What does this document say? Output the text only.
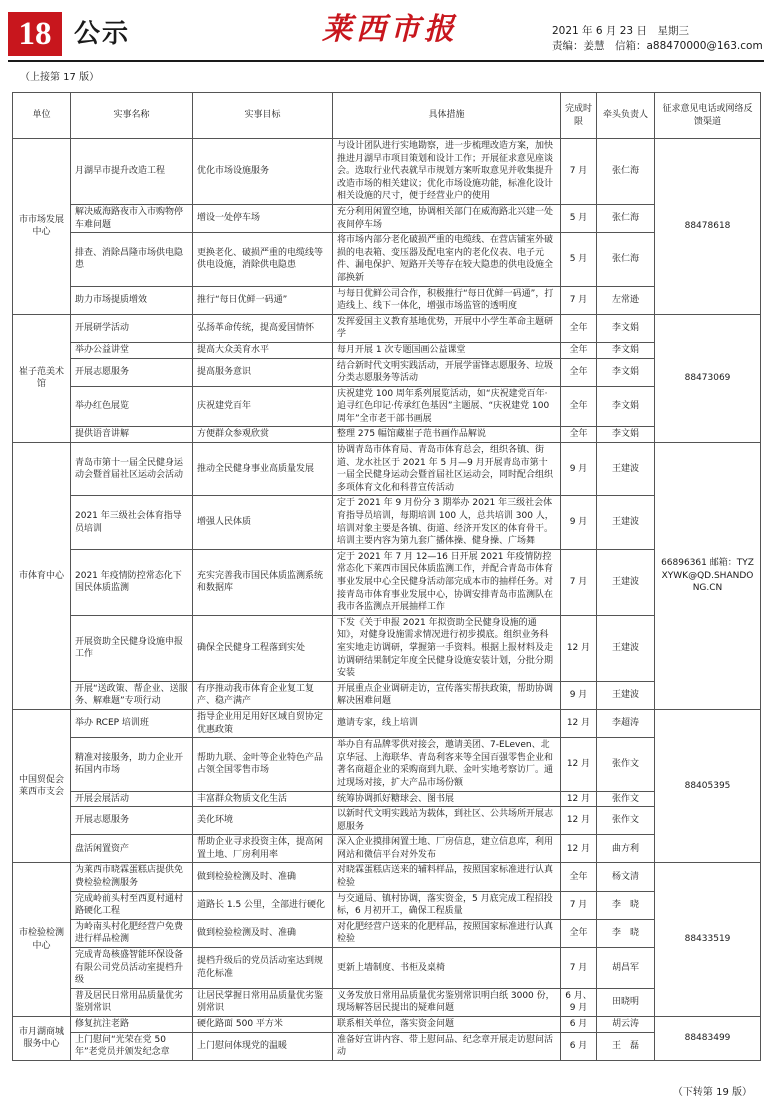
18 公示	莱西市报	2021 年 6 月 23 日　星期三
责编：姜慧　信箱：a88470000@163.com
（上接第 17 版）
单位	实事名称	实事目标	具体措施	完成时限	牵头负责人	征求意见电话或网络反馈渠道
市市场发展中心	月湖早市提升改造工程	优化市场设施服务	与设计团队进行实地勘察，进一步梳理改造方案，加快推进月湖早市项目策划和设计工作；开展征求意见座谈会。选取行业代表就早市规划方案听取意见并收集提升改造市场的相关建议；优化市场设施功能，标准化设计相关设施的尺寸，便于经营业户的使用	7 月	张仁海	88478618
	解决威海路夜市入市购物停车难问题	增设一处停车场	充分利用闲置空地，协调相关部门在威海路北兴建一处夜间停车场	5 月	张仁海	
	排查、消除昌隆市场供电隐患	更换老化、破损严重的电缆线等供电设施，消除供电隐患	将市场内部分老化破损严重的电缆线、在营店铺室外破损的电表箱、变压器及配电室内的老化仪表、电子元件、漏电保护、短路开关等存在较大隐患的供电设施全部换新	5 月	张仁海	
	助力市场提质增效	推行“每日优鲜一码通”	与每日优鲜公司合作，积极推行“每日优鲜一码通”，打造线上、线下一体化，增强市场监管的透明度	7 月	左常逊	
崔子范美术馆	开展研学活动	弘扬革命传统，提高爱国情怀	发挥爱国主义教育基地优势，开展中小学生革命主题研学	全年	李文娟	88473069
	举办公益讲堂	提高大众美育水平	每月开展 1 次专题国画公益课堂	全年	李文娟	
	开展志愿服务	提高服务意识	结合新时代文明实践活动，开展学雷锋志愿服务、垃圾分类志愿服务等活动	全年	李文娟	
	举办红色展览	庆祝建党百年	庆祝建党 100 周年系列展览活动，如“庆祝建党百年·追寻红色印记·传承红色基因”主题展、“庆祝建党 100 周年”全市老干部书画展	全年	李文娟	
	提供语音讲解	方便群众参观欣赏	整理 275 幅馆藏崔子范书画作品解说	全年	李文娟	
市体育中心	青岛市第十一届全民健身运动会暨首届社区运动会活动	推动全民健身事业高质量发展	协调青岛市体育局、青岛市体育总会，组织各镇、街道、龙水社区于 2021 年 5 月—9 月开展青岛市第十一届全民健身运动会暨首届社区运动会，同时配合组织多项体育文化和科普宣传活动	9 月	王建波	66896361 邮箱：TYZXYWK@QD.SHANDONG.CN
	2021 年三级社会体育指导员培训	增强人民体质	定于 2021 年 9 月份分 3 期举办 2021 年三级社会体育指导员培训，每期培训 100 人，总共培训 300 人，培训对象主要是各镇、街道、经济开发区的体育骨干。培训主要内容为第九套广播体操、健身操、广场舞	9 月	王建波	
	2021 年疫情防控常态化下国民体质监测	充实完善我市国民体质监测系统和数据库	定于 2021 年 7 月 12—16 日开展 2021 年疫情防控常态化下莱西市国民体质监测工作，并配合青岛市体育事业发展中心全民健身活动部完成本市的抽样任务。对接青岛市体育事业发展中心，协调安排青岛市监测队在我市各监测点开展抽样工作	7 月	王建波	
	开展资助全民健身设施申报工作	确保全民健身工程落到实处	下发《关于申报 2021 年拟资助全民健身设施的通知》，对健身设施需求情况进行初步摸底。组织业务科室实地走访调研，掌握第一手资料。根据上报材料及走访调研结果制定年度全民健身设施安装计划，分批分期安装	12 月	王建波	
	开展“送政策、帮企业、送服务、解难题”专项行动	有序推动我市体育企业复工复产、稳产满产	开展重点企业调研走访，宣传落实帮扶政策，帮助协调解决困难问题	9 月	王建波	
中国贸促会莱西市支会	举办 RCEP 培训班	指导企业用足用好区域自贸协定优惠政策	邀请专家，线上培训	12 月	李超涛	88405395
	精准对接服务，助力企业开拓国内市场	帮助九联、金叶等企业特色产品占领全国零售市场	举办自有品牌零供对接会，邀请美团、7-ELeven、北京华冠、上海联华、青岛利客来等全国百强零售企业和著名商超企业的采购商到九联、金叶实地考察访厂。通过现场对接，扩大产品市场份额	12 月	张作文	
	开展会展活动	丰富群众物质文化生活	统筹协调抓好糖球会、图书展	12 月	张作文	
	开展志愿服务	美化环境	以新时代文明实践站为载体，到社区、公共场所开展志愿服务	12 月	张作文	
	盘活闲置资产	帮助企业寻求投资主体，提高闲置土地、厂房利用率	深入企业摸排闲置土地、厂房信息，建立信息库，利用网站和微信平台对外发布	12 月	曲方利	
市检验检测中心	为莱西市晓霖蛋糕店提供免费检验检测服务	做到检验检测及时、准确	对晓霖蛋糕店送来的辅料样品，按照国家标准进行认真检验	全年	杨文清	88433519
	完成岭前头村至西夏村通村路硬化工程	道路长 1.5 公里，全部进行硬化	与交通局、镇村协调，落实资金，5 月底完成工程招投标，6 月初开工，确保工程质量	7 月	李　晓	
	为岭南头村化肥经营户免费进行样品检测	做到检验检测及时、准确	对化肥经营户送来的化肥样品，按照国家标准进行认真检验	全年	李　晓	
	完成青岛核盛智能环保设备有限公司党员活动室提档升级	提档升级后的党员活动室达到规范化标准	更新上墙制度、书柜及桌椅	7 月	胡昌军	
	普及居民日常用品质量优劣鉴别常识	让居民掌握日常用品质量优劣鉴别常识	义务发放日常用品质量优劣鉴别常识明白纸 3000 份，现场解答居民提出的疑难问题	6 月、9 月	田晓明	
市月湖商城服务中心	修复抗注老路	硬化路面 500 平方米	联系相关单位，落实资金问题	6 月	胡云涛	88483499
	上门慰问“光荣在党 50 年”老党员并颁发纪念章	上门慰问体现党的温暖	准备好宣讲内容、带上慰问品、纪念章开展走访慰问活动	6 月	王　磊	
（下转第 19 版）
